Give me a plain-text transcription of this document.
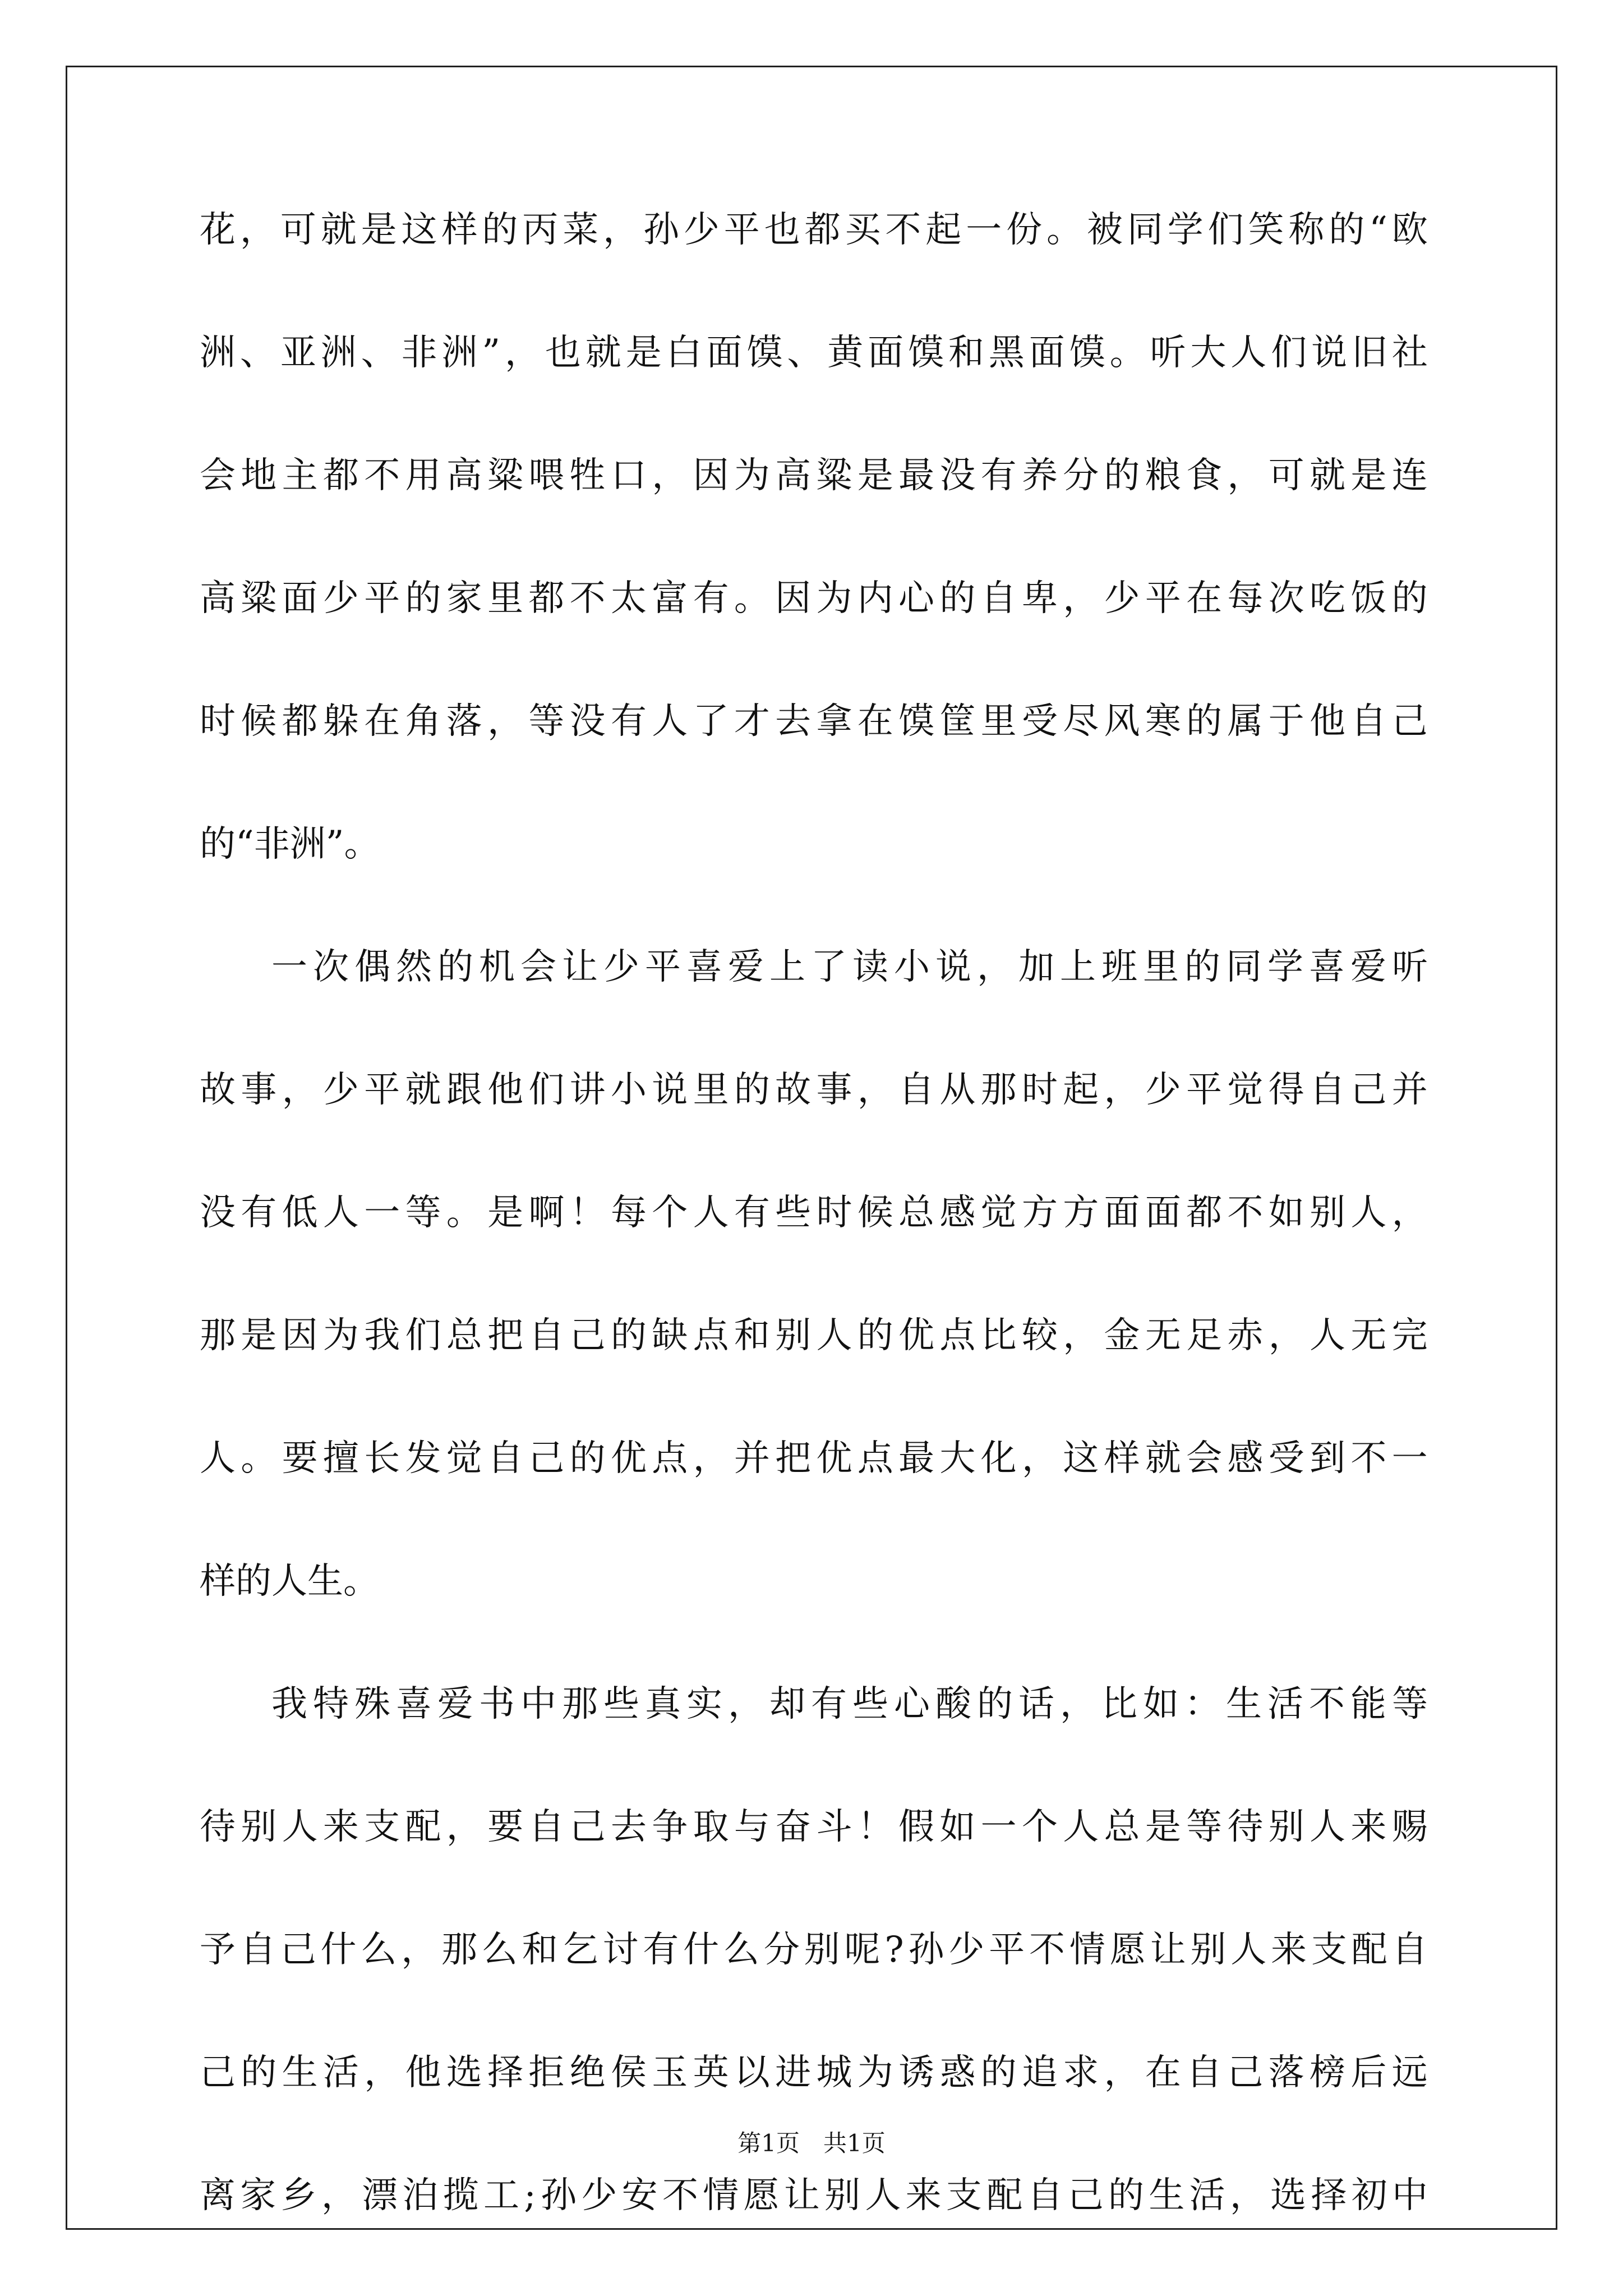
花 ， 可 就 是 这 样 的 丙 菜 ， 孙 少 平 也 都 买 不 起 一 份 。 被 同 学 们 笑 称 的 “ 欧
洲 、 亚 洲 、 非 洲 ” ， 也 就 是 白 面 馍 、 黄 面 馍 和 黑 面 馍 。 听 大 人 们 说 旧 社
会 地 主 都 不 用 高 粱 喂 牲 口 ， 因 为 高 粱 是 最 没 有 养 分 的 粮 食 ， 可 就 是 连
高 粱 面 少 平 的 家 里 都 不 太 富 有 。 因 为 内 心 的 自 卑 ， 少 平 在 每 次 吃 饭 的
时 候 都 躲 在 角 落 ， 等 没 有 人 了 才 去 拿 在 馍 筐 里 受 尽 风 寒 的 属 于 他 自 己
的 “ 非 洲 ” 。
一 次 偶 然 的 机 会 让 少 平 喜 爱 上 了 读 小 说 ， 加 上 班 里 的 同 学 喜 爱 听
故 事 ， 少 平 就 跟 他 们 讲 小 说 里 的 故 事 ， 自 从 那 时 起 ， 少 平 觉 得 自 己 并
没 有 低 人 一 等 。 是 啊 ！ 每 个 人 有 些 时 候 总 感 觉 方 方 面 面 都 不 如 别 人 ，
那 是 因 为 我 们 总 把 自 己 的 缺 点 和 别 人 的 优 点 比 较 ， 金 无 足 赤 ， 人 无 完
人 。 要 擅 长 发 觉 自 己 的 优 点 ， 并 把 优 点 最 大 化 ， 这 样 就 会 感 受 到 不 一
样 的 人 生 。
我 特 殊 喜 爱 书 中 那 些 真 实 ， 却 有 些 心 酸 的 话 ， 比 如 ： 生 活 不 能 等
待 别 人 来 支 配 ， 要 自 己 去 争 取 与 奋 斗 ！ 假 如 一 个 人 总 是 等 待 别 人 来 赐
予 自 己 什 么 ， 那 么 和 乞 讨 有 什 么 分 别 呢 ? 孙 少 平 不 情 愿 让 别 人 来 支 配 自
己 的 生 活 ， 他 选 择 拒 绝 侯 玉 英 以 进 城 为 诱 惑 的 追 求 ， 在 自 己 落 榜 后 远
离 家 乡 ， 漂 泊 揽 工 ; 孙 少 安 不 情 愿 让 别 人 来 支 配 自 己 的 生 活 ， 选 择 初 中
第1页　共1页
